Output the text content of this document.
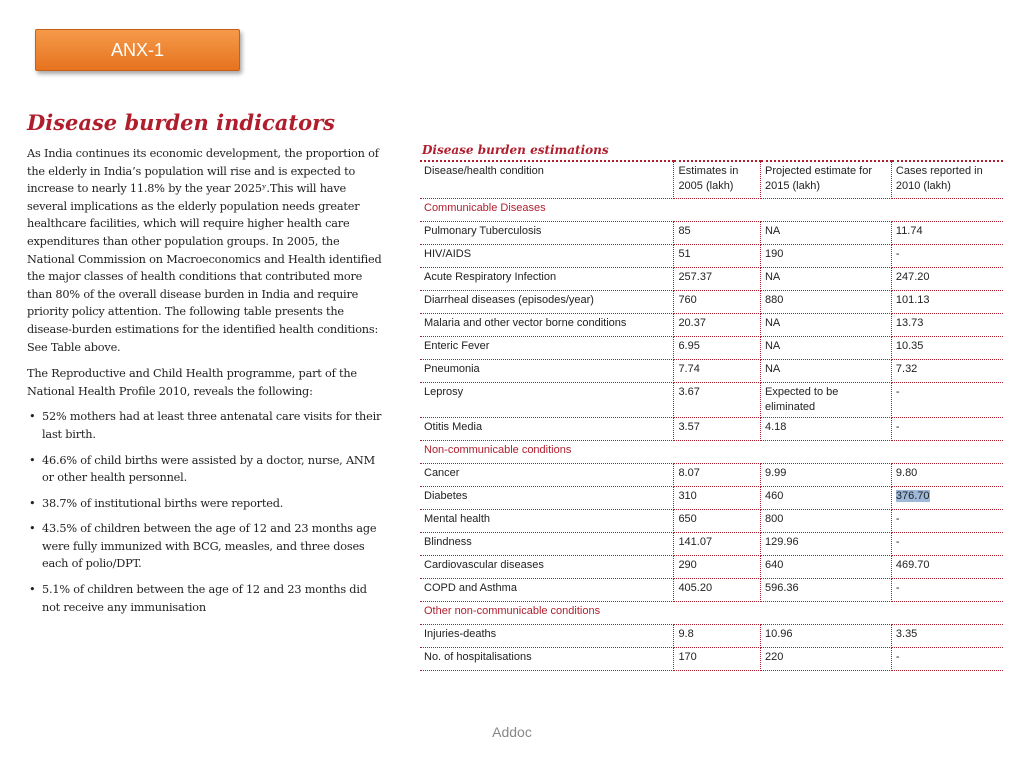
ANX-1
Disease burden indicators

As India continues its economic development, the proportion of the elderly in India’s population will rise and is expected to increase to nearly 11.8% by the year 2025ʸ.This will have several implications as the elderly population needs greater healthcare facilities, which will require higher health care expenditures than other population groups. In 2005, the National Commission on Macroeconomics and Health identified the major classes of health conditions that contributed more than 80% of the overall disease burden in India and require priority policy attention. The following table presents the disease-burden estimations for the identified health conditions: See Table above.

The Reproductive and Child Health programme, part of the National Health Profile 2010, reveals the following:

• 52% mothers had at least three antenatal care visits for their last birth.
• 46.6% of child births were assisted by a doctor, nurse, ANM or other health personnel.
• 38.7% of institutional births were reported.
• 43.5% of children between the age of 12 and 23 months age were fully immunized with BCG, measles, and three doses each of polio/DPT.
• 5.1% of children between the age of 12 and 23 months did not receive any immunisation
Disease burden estimations
Disease/health condition	Estimates in 2005 (lakh)	Projected estimate for 2015 (lakh)	Cases reported in 2010 (lakh)
Communicable Diseases			
Pulmonary Tuberculosis	85	NA	11.74
HIV/AIDS	51	190	-
Acute Respiratory Infection	257.37	NA	247.20
Diarrheal diseases (episodes/year)	760	880	101.13
Malaria and other vector borne conditions	20.37	NA	13.73
Enteric Fever	6.95	NA	10.35
Pneumonia	7.74	NA	7.32
Leprosy	3.67	Expected to be eliminated	-
Otitis Media	3.57	4.18	-
Non-communicable conditions			
Cancer	8.07	9.99	9.80
Diabetes	310	460	376.70
Mental health	650	800	-
Blindness	141.07	129.96	-
Cardiovascular diseases	290	640	469.70
COPD and Asthma	405.20	596.36	-
Other non-communicable conditions			
Injuries-deaths	9.8	10.96	3.35
No. of hospitalisations	170	220	-
Addoc
